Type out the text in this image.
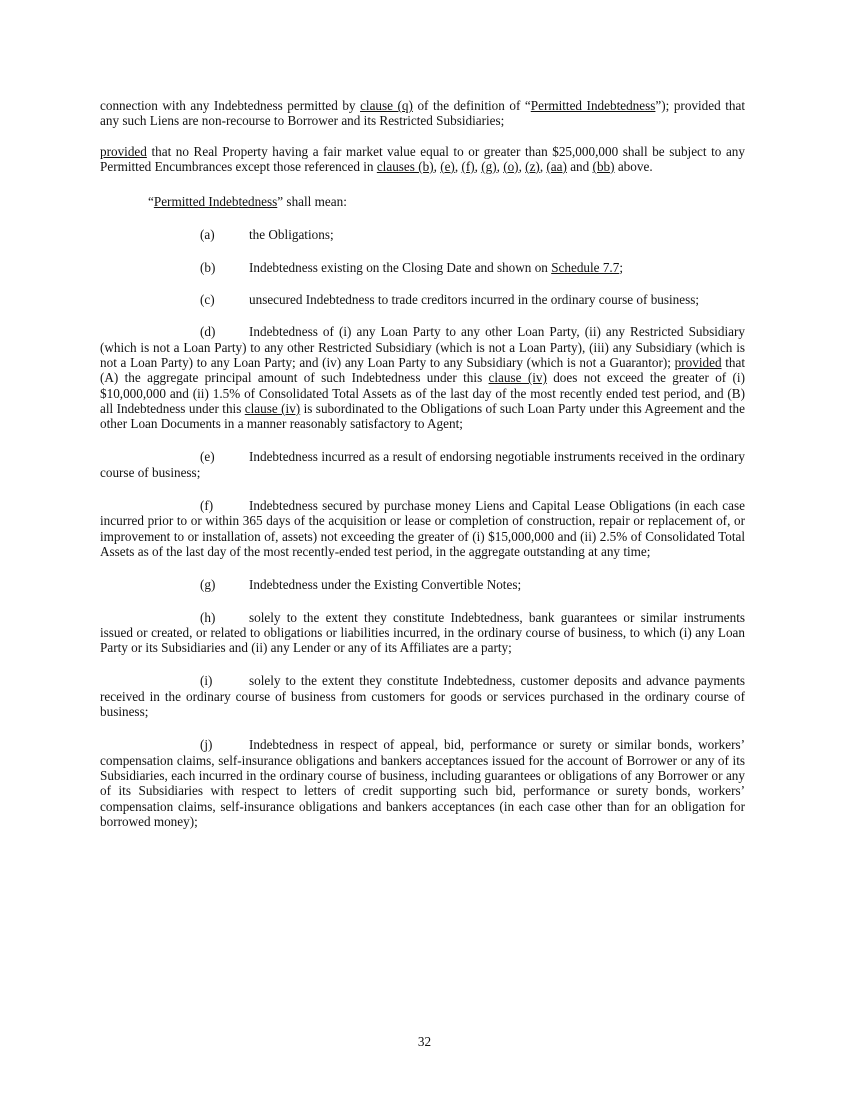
connection with any Indebtedness permitted by clause (q) of the definition of “Permitted Indebtedness”); provided that any such Liens are non-recourse to Borrower and its Restricted Subsidiaries;

provided that no Real Property having a fair market value equal to or greater than $25,000,000 shall be subject to any Permitted Encumbrances except those referenced in clauses (b), (e), (f), (g), (o), (z), (aa) and (bb) above.

“Permitted Indebtedness” shall mean:

(a)	the Obligations;

(b)	Indebtedness existing on the Closing Date and shown on Schedule 7.7;

(c)	unsecured Indebtedness to trade creditors incurred in the ordinary course of business;

(d)	Indebtedness of (i) any Loan Party to any other Loan Party, (ii) any Restricted Subsidiary (which is not a Loan Party) to any other Restricted Subsidiary (which is not a Loan Party), (iii) any Subsidiary (which is not a Loan Party) to any Loan Party; and (iv) any Loan Party to any Subsidiary (which is not a Guarantor); provided that (A) the aggregate principal amount of such Indebtedness under this clause (iv) does not exceed the greater of (i) $10,000,000 and (ii) 1.5% of Consolidated Total Assets as of the last day of the most recently ended test period, and (B) all Indebtedness under this clause (iv) is subordinated to the Obligations of such Loan Party under this Agreement and the other Loan Documents in a manner reasonably satisfactory to Agent;

(e)	Indebtedness incurred as a result of endorsing negotiable instruments received in the ordinary course of business;

(f)	Indebtedness secured by purchase money Liens and Capital Lease Obligations (in each case incurred prior to or within 365 days of the acquisition or lease or completion of construction, repair or replacement of, or improvement to or installation of, assets) not exceeding the greater of (i) $15,000,000 and (ii) 2.5% of Consolidated Total Assets as of the last day of the most recently-ended test period, in the aggregate outstanding at any time;

(g)	Indebtedness under the Existing Convertible Notes;

(h)	solely to the extent they constitute Indebtedness, bank guarantees or similar instruments issued or created, or related to obligations or liabilities incurred, in the ordinary course of business, to which (i) any Loan Party or its Subsidiaries and (ii) any Lender or any of its Affiliates are a party;

(i)	solely to the extent they constitute Indebtedness, customer deposits and advance payments received in the ordinary course of business from customers for goods or services purchased in the ordinary course of business;

(j)	Indebtedness in respect of appeal, bid, performance or surety or similar bonds, workers’ compensation claims, self-insurance obligations and bankers acceptances issued for the account of Borrower or any of its Subsidiaries, each incurred in the ordinary course of business, including guarantees or obligations of any Borrower or any of its Subsidiaries with respect to letters of credit supporting such bid, performance or surety bonds, workers’ compensation claims, self-insurance obligations and bankers acceptances (in each case other than for an obligation for borrowed money);

32
